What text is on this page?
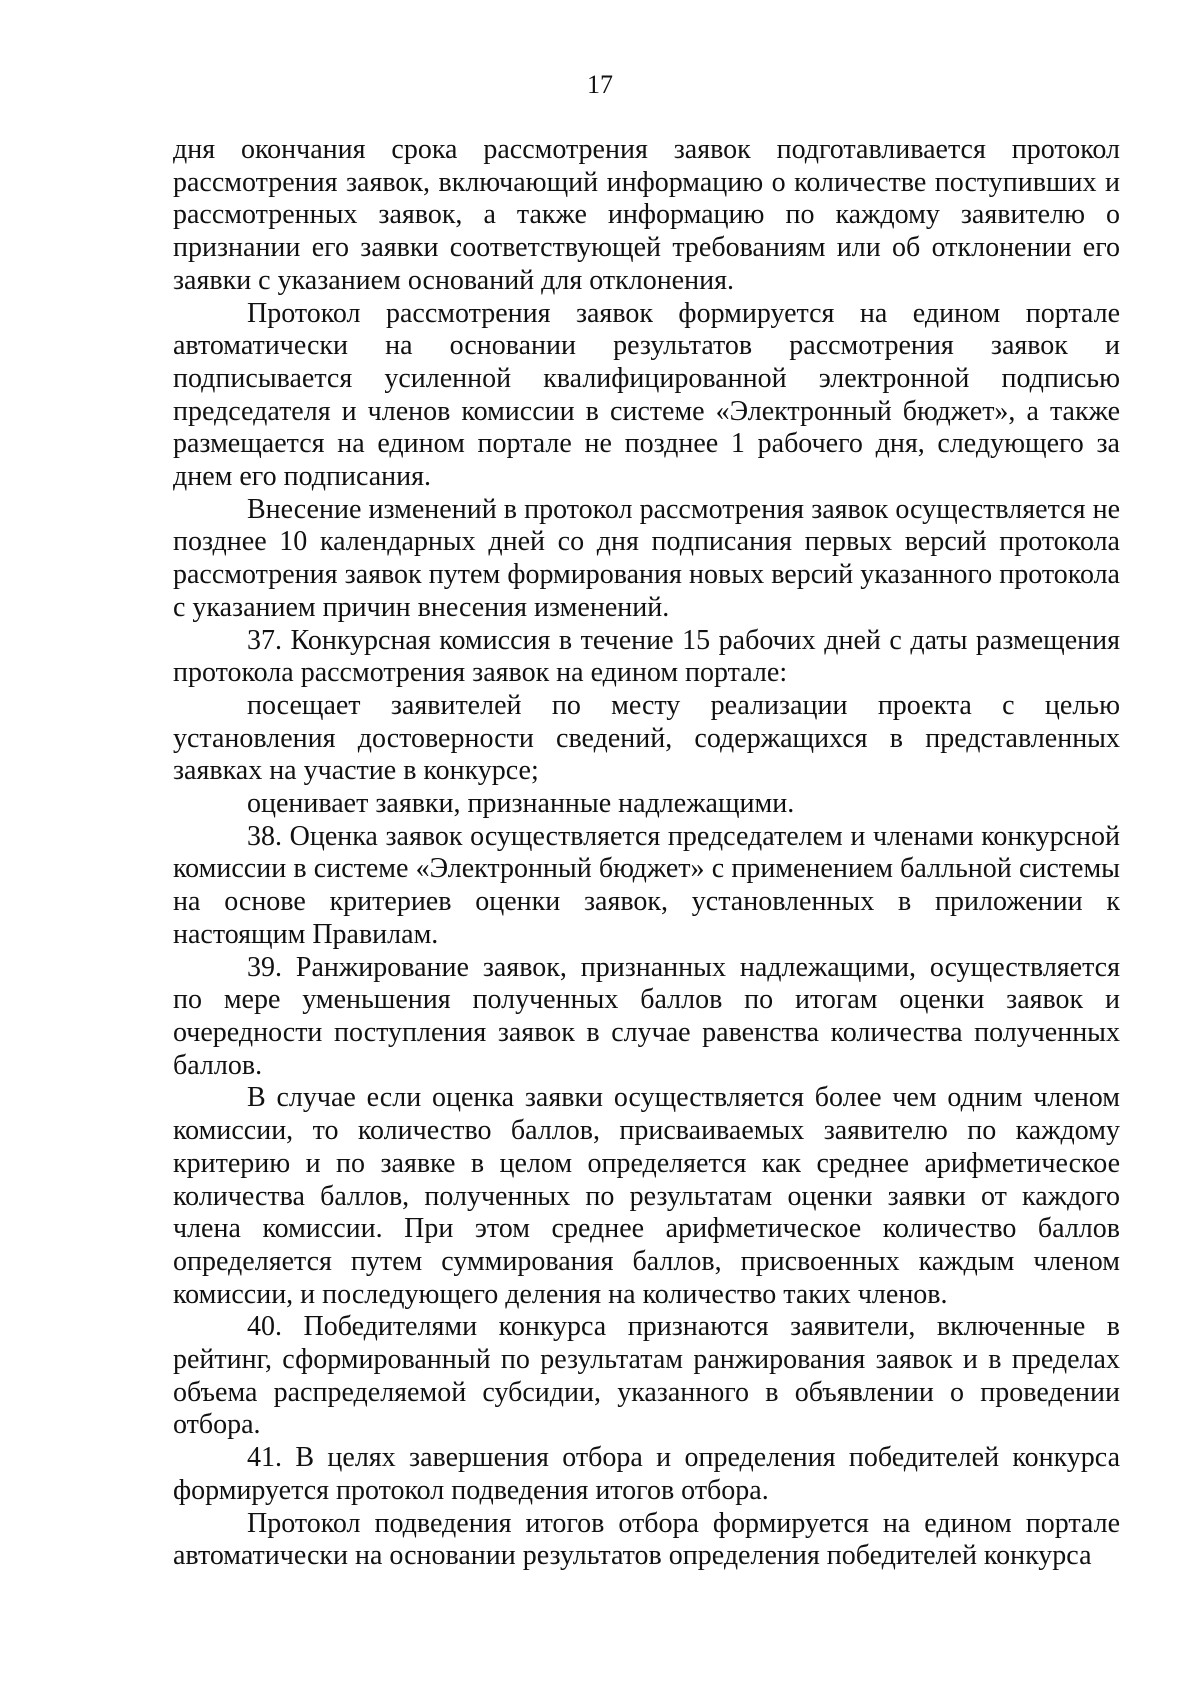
17

дня окончания срока рассмотрения заявок подготавливается протокол рассмотрения заявок, включающий информацию о количестве поступивших и рассмотренных заявок, а также информацию по каждому заявителю о признании его заявки соответствующей требованиям или об отклонении его заявки с указанием оснований для отклонения.

Протокол рассмотрения заявок формируется на едином портале автоматически на основании результатов рассмотрения заявок и подписывается усиленной квалифицированной электронной подписью председателя и членов комиссии в системе «Электронный бюджет», а также размещается на едином портале не позднее 1 рабочего дня, следующего за днем его подписания.

Внесение изменений в протокол рассмотрения заявок осуществляется не позднее 10 календарных дней со дня подписания первых версий протокола рассмотрения заявок путем формирования новых версий указанного протокола с указанием причин внесения изменений.

37. Конкурсная комиссия в течение 15 рабочих дней с даты размещения протокола рассмотрения заявок на едином портале:

посещает заявителей по месту реализации проекта с целью установления достоверности сведений, содержащихся в представленных заявках на участие в конкурсе;

оценивает заявки, признанные надлежащими.

38. Оценка заявок осуществляется председателем и членами конкурсной комиссии в системе «Электронный бюджет» с применением балльной системы на основе критериев оценки заявок, установленных в приложении к настоящим Правилам.

39. Ранжирование заявок, признанных надлежащими, осуществляется по мере уменьшения полученных баллов по итогам оценки заявок и очередности поступления заявок в случае равенства количества полученных баллов.

В случае если оценка заявки осуществляется более чем одним членом комиссии, то количество баллов, присваиваемых заявителю по каждому критерию и по заявке в целом определяется как среднее арифметическое количества баллов, полученных по результатам оценки заявки от каждого члена комиссии. При этом среднее арифметическое количество баллов определяется путем суммирования баллов, присвоенных каждым членом комиссии, и последующего деления на количество таких членов.

40. Победителями конкурса признаются заявители, включенные в рейтинг, сформированный по результатам ранжирования заявок и в пределах объема распределяемой субсидии, указанного в объявлении о проведении отбора.

41. В целях завершения отбора и определения победителей конкурса формируется протокол подведения итогов отбора.

Протокол подведения итогов отбора формируется на едином портале автоматически на основании результатов определения победителей конкурса
